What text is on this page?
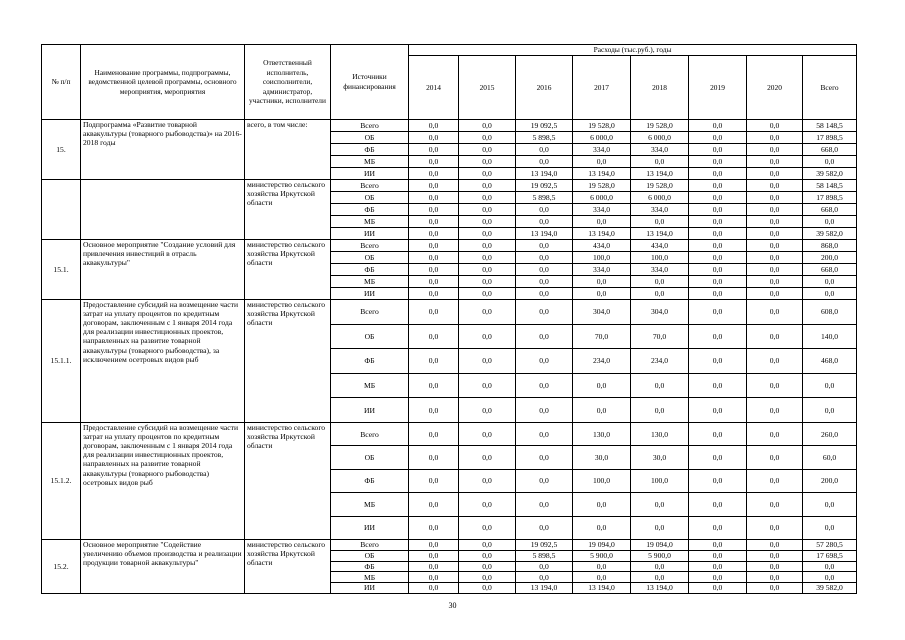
№ п/п	Наименование программы, подпрограммы, ведомственной целевой программы, основного мероприятия, мероприятия	Ответственный исполнитель, соисполнители, администратор, участники, исполнители	Источники финансирования	Расходы (тыс.руб.), годы							
				2014	2015	2016	2017	2018	2019	2020	Всего
15.	Подпрограмма «Развитие товарной аквакультуры (товарного рыбоводства)» на 2016-2018 годы	всего, в том числе:	Всего	0,0	0,0	19 092,5	19 528,0	19 528,0	0,0	0,0	58 148,5
			ОБ	0,0	0,0	5 898,5	6 000,0	6 000,0	0,0	0,0	17 898,5
			ФБ	0,0	0,0	0,0	334,0	334,0	0,0	0,0	668,0
			МБ	0,0	0,0	0,0	0,0	0,0	0,0	0,0	0,0
			ИИ	0,0	0,0	13 194,0	13 194,0	13 194,0	0,0	0,0	39 582,0
		министерство сельского хозяйства Иркутской области	Всего	0,0	0,0	19 092,5	19 528,0	19 528,0	0,0	0,0	58 148,5
			ОБ	0,0	0,0	5 898,5	6 000,0	6 000,0	0,0	0,0	17 898,5
			ФБ	0,0	0,0	0,0	334,0	334,0	0,0	0,0	668,0
			МБ	0,0	0,0	0,0	0,0	0,0	0,0	0,0	0,0
			ИИ	0,0	0,0	13 194,0	13 194,0	13 194,0	0,0	0,0	39 582,0
15.1.	Основное мероприятие "Создание условий для привлечения инвестиций в отрасль аквакультуры"	министерство сельского хозяйства Иркутской области	Всего	0,0	0,0	0,0	434,0	434,0	0,0	0,0	868,0
			ОБ	0,0	0,0	0,0	100,0	100,0	0,0	0,0	200,0
			ФБ	0,0	0,0	0,0	334,0	334,0	0,0	0,0	668,0
			МБ	0,0	0,0	0,0	0,0	0,0	0,0	0,0	0,0
			ИИ	0,0	0,0	0,0	0,0	0,0	0,0	0,0	0,0
15.1.1.	Предоставление субсидий на возмещение части затрат на уплату процентов по кредитным договорам, заключенным с 1 января 2014 года для реализации инвестиционных проектов, направленных на развитие товарной аквакультуры (товарного рыбоводства), за исключением осетровых видов рыб	министерство сельского хозяйства Иркутской области	Всего	0,0	0,0	0,0	304,0	304,0	0,0	0,0	608,0
			ОБ	0,0	0,0	0,0	70,0	70,0	0,0	0,0	140,0
			ФБ	0,0	0,0	0,0	234,0	234,0	0,0	0,0	468,0
			МБ	0,0	0,0	0,0	0,0	0,0	0,0	0,0	0,0
			ИИ	0,0	0,0	0,0	0,0	0,0	0,0	0,0	0,0
15.1.2.	Предоставление субсидий на возмещение части затрат на уплату процентов по кредитным договорам, заключенным с 1 января 2014 года для реализации инвестиционных проектов, направленных на развитие товарной аквакультуры (товарного рыбоводства) осетровых видов рыб	министерство сельского хозяйства Иркутской области	Всего	0,0	0,0	0,0	130,0	130,0	0,0	0,0	260,0
			ОБ	0,0	0,0	0,0	30,0	30,0	0,0	0,0	60,0
			ФБ	0,0	0,0	0,0	100,0	100,0	0,0	0,0	200,0
			МБ	0,0	0,0	0,0	0,0	0,0	0,0	0,0	0,0
			ИИ	0,0	0,0	0,0	0,0	0,0	0,0	0,0	0,0
15.2.	Основное мероприятие "Содействие увеличению объемов производства и реализации продукции товарной аквакультуры"	министерство сельского хозяйства Иркутской области	Всего	0,0	0,0	19 092,5	19 094,0	19 094,0	0,0	0,0	57 280,5
			ОБ	0,0	0,0	5 898,5	5 900,0	5 900,0	0,0	0,0	17 698,5
			ФБ	0,0	0,0	0,0	0,0	0,0	0,0	0,0	0,0
			МБ	0,0	0,0	0,0	0,0	0,0	0,0	0,0	0,0
			ИИ	0,0	0,0	13 194,0	13 194,0	13 194,0	0,0	0,0	39 582,0
30
